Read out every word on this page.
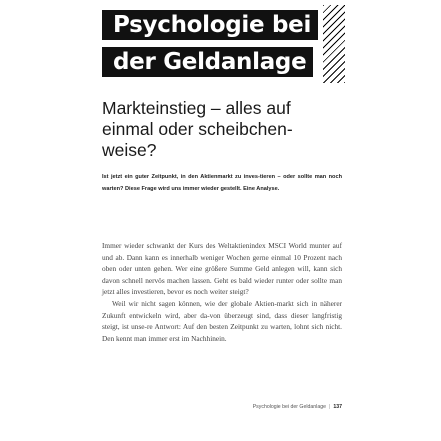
Psychologie bei
der Geldanlage
Markteinstieg – alles auf einmal oder scheibchen-weise?

Ist jetzt ein guter Zeitpunkt, in den Aktienmarkt zu inves-tieren – oder sollte man noch warten? Diese Frage wird uns immer wieder gestellt. Eine Analyse.

Immer wieder schwankt der Kurs des Weltaktienindex MSCI World munter auf und ab. Dann kann es innerhalb weniger Wochen gerne einmal 10 Prozent nach oben oder unten gehen. Wer eine größere Summe Geld anlegen will, kann sich davon schnell nervös machen lassen. Geht es bald wieder runter oder sollte man jetzt alles investieren, bevor es noch weiter steigt?

Weil wir nicht sagen können, wie der globale Aktien-markt sich in näherer Zukunft entwickeln wird, aber da-von überzeugt sind, dass dieser langfristig steigt, ist unse-re Antwort: Auf den besten Zeitpunkt zu warten, lohnt sich nicht. Den kennt man immer erst im Nachhinein.

Psychologie bei der Geldanlage | 137
